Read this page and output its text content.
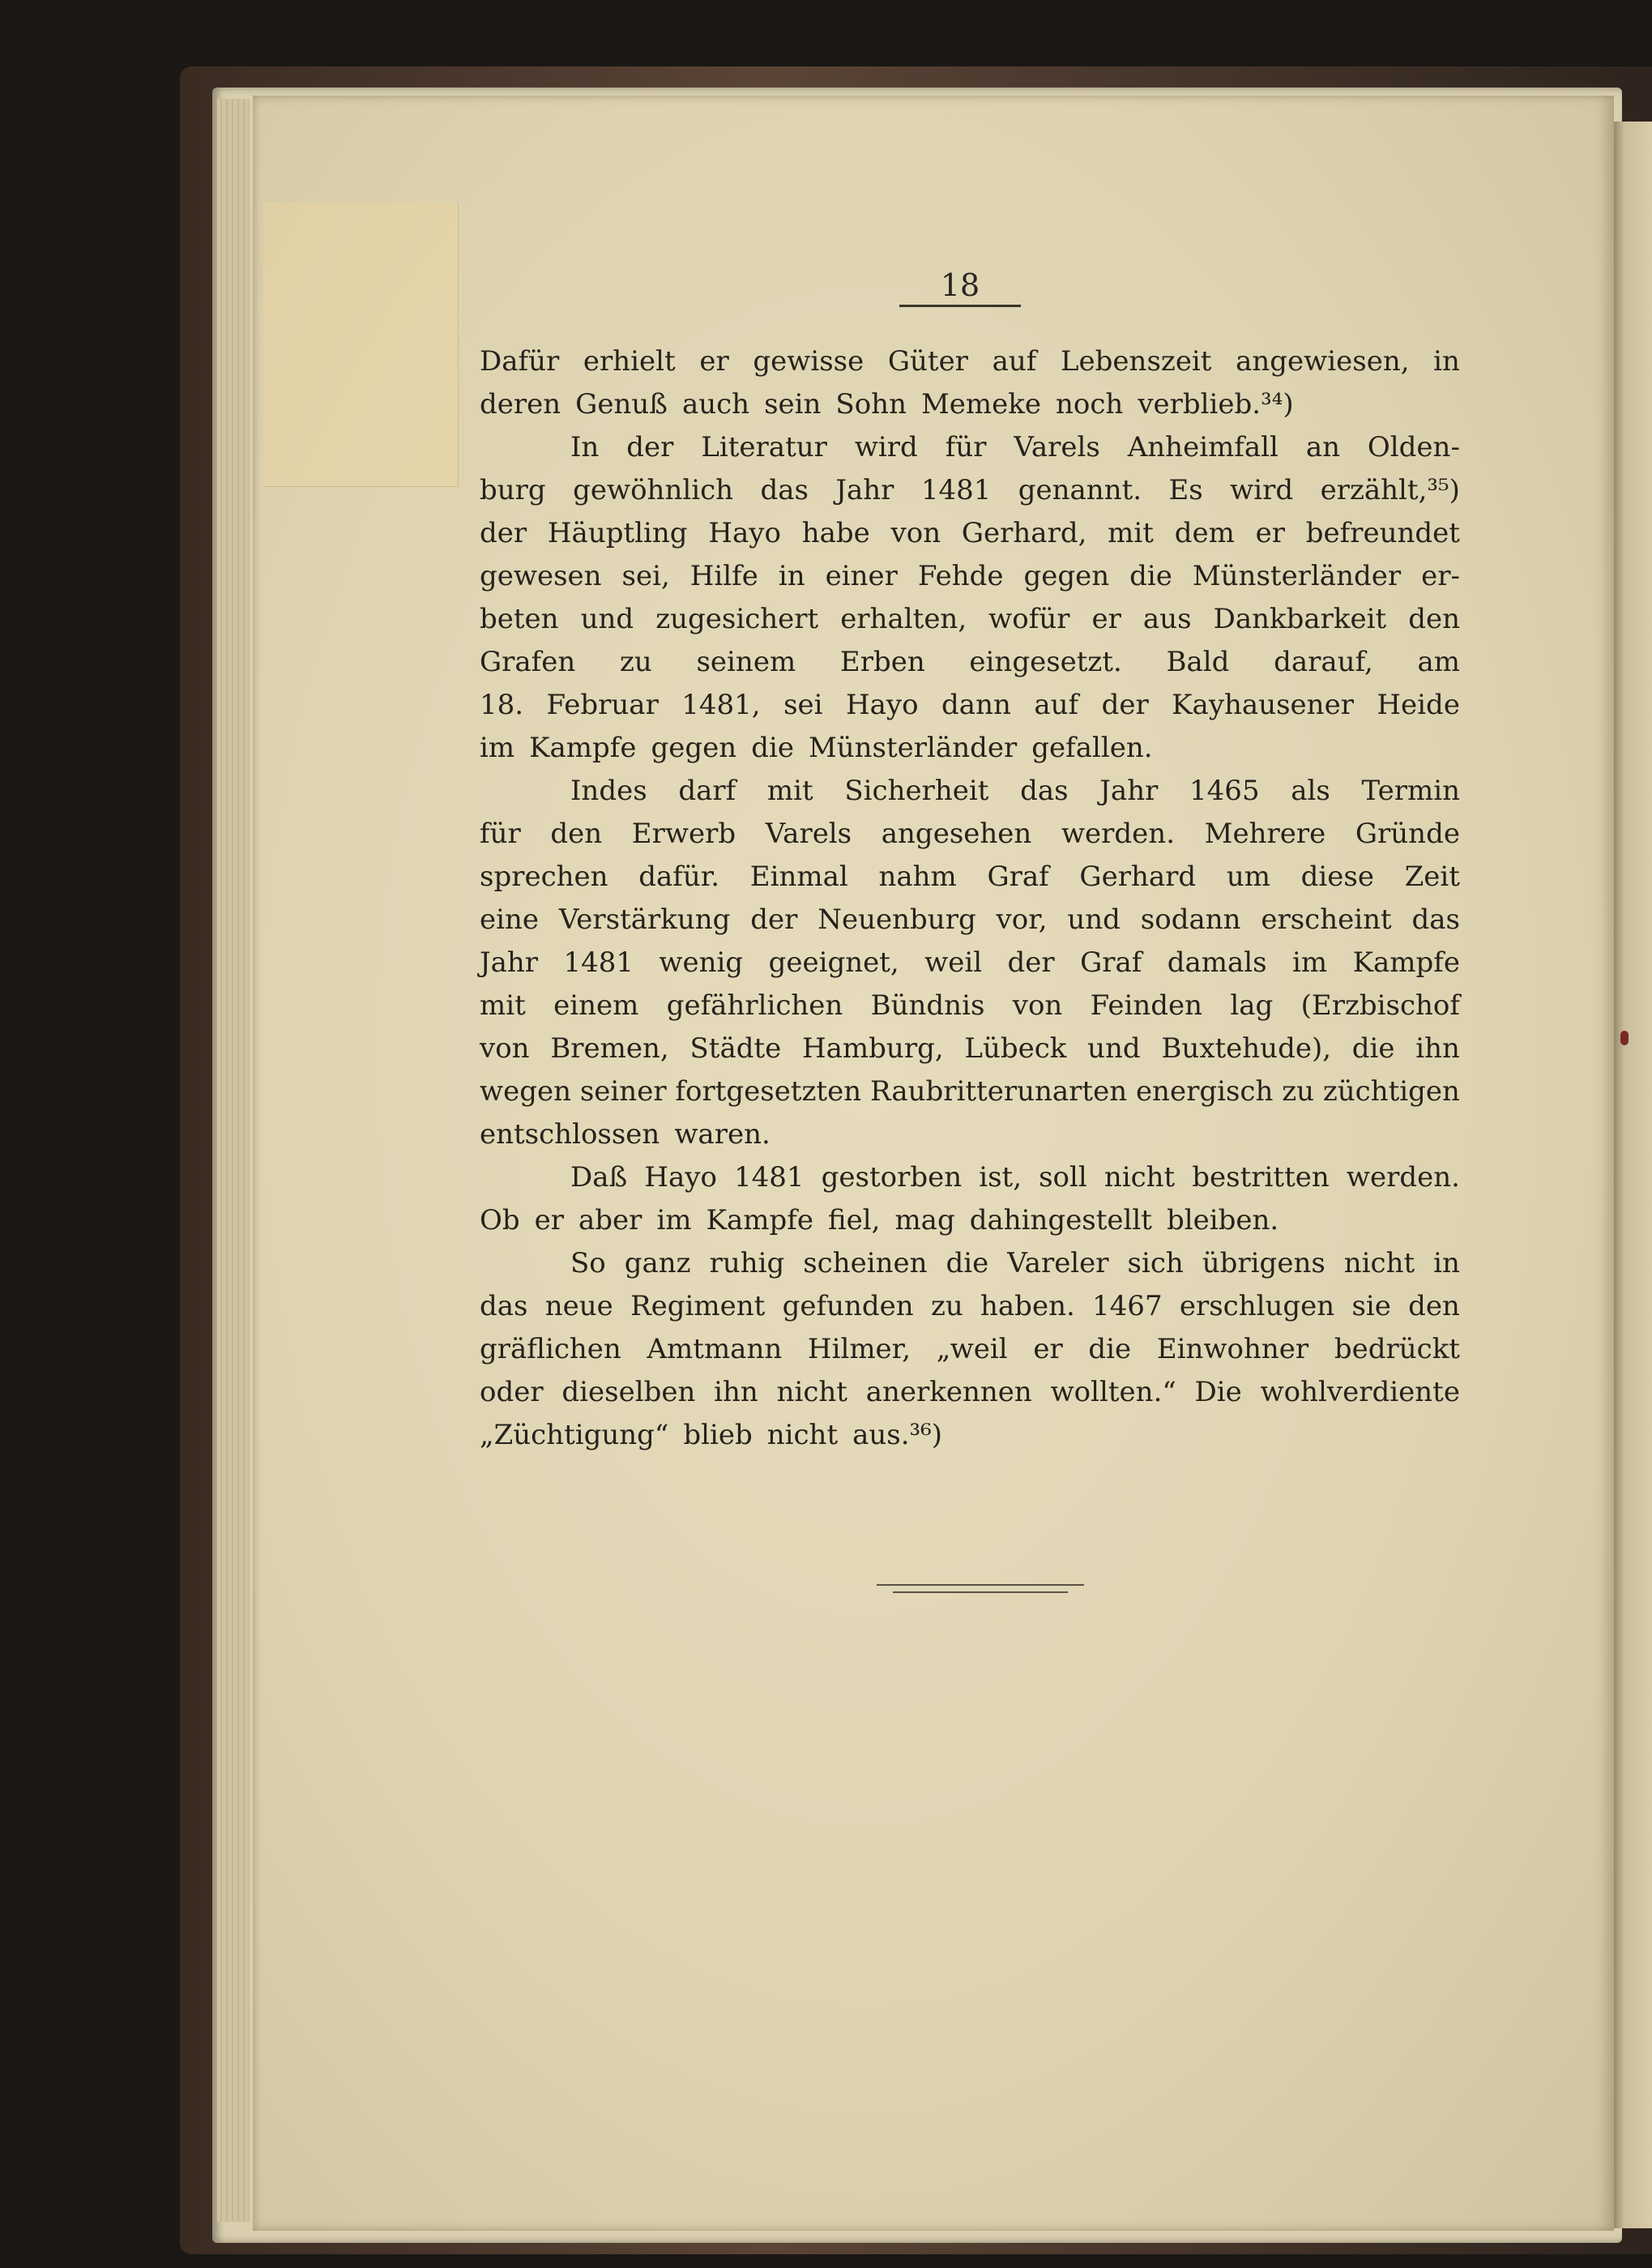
18
Dafür erhielt er gewisse Güter auf Lebenszeit angewiesen, in
deren Genuß auch sein Sohn Memeke noch verblieb.³⁴)
In der Literatur wird für Varels Anheimfall an Olden-
burg gewöhnlich das Jahr 1481 genannt. Es wird erzählt,³⁵)
der Häuptling Hayo habe von Gerhard, mit dem er befreundet
gewesen sei, Hilfe in einer Fehde gegen die Münsterländer er-
beten und zugesichert erhalten, wofür er aus Dankbarkeit den
Grafen zu seinem Erben eingesetzt. Bald darauf, am
18. Februar 1481, sei Hayo dann auf der Kayhausener Heide
im Kampfe gegen die Münsterländer gefallen.
Indes darf mit Sicherheit das Jahr 1465 als Termin
für den Erwerb Varels angesehen werden. Mehrere Gründe
sprechen dafür. Einmal nahm Graf Gerhard um diese Zeit
eine Verstärkung der Neuenburg vor, und sodann erscheint das
Jahr 1481 wenig geeignet, weil der Graf damals im Kampfe
mit einem gefährlichen Bündnis von Feinden lag (Erzbischof
von Bremen, Städte Hamburg, Lübeck und Buxtehude), die ihn
wegen seiner fortgesetzten Raubritterunarten energisch zu züchtigen
entschlossen waren.
Daß Hayo 1481 gestorben ist, soll nicht bestritten werden.
Ob er aber im Kampfe fiel, mag dahingestellt bleiben.
So ganz ruhig scheinen die Vareler sich übrigens nicht in
das neue Regiment gefunden zu haben. 1467 erschlugen sie den
gräflichen Amtmann Hilmer, „weil er die Einwohner bedrückt
oder dieselben ihn nicht anerkennen wollten.“ Die wohlverdiente
„Züchtigung“ blieb nicht aus.³⁶)
